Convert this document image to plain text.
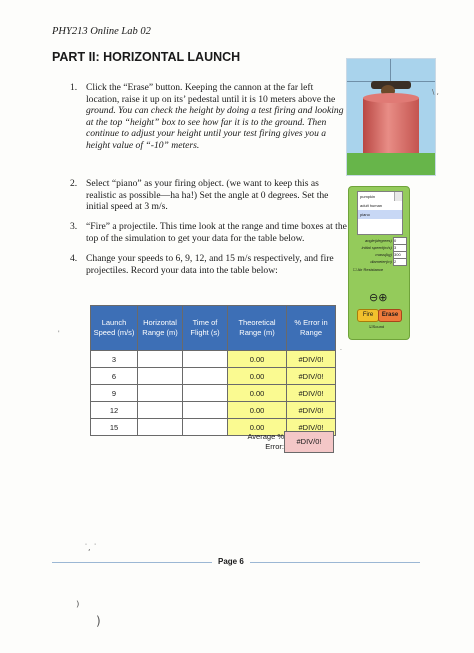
PHY213 Online Lab 02
PART II: HORIZONTAL LAUNCH
1. Click the “Erase” button. Keeping the cannon at the far left
location, raise it up on its’ pedestal until it is 10 meters above the
ground. You can check the height by doing a test firing and looking
at the top “height” box to see how far it is to the ground. Then
continue to adjust your height until your test firing gives you a
height value of “-10” meters.
2. Select “piano” as your firing object. (we want to keep this as
realistic as possible—ha ha!) Set the angle at 0 degrees. Set the
initial speed at 3 m/s.
3. “Fire” a projectile. This time look at the range and time boxes at the
top of the simulation to get your data for the table below.
4. Change your speeds to 6, 9, 12, and 15 m/s respectively, and fire
projectiles. Record your data into the table below:
\ ,
pumpkin
adult human
piano
angle(degrees) 0
initial speed(m/s) 3
mass(kg) 300
diameter(m) 2
☐ Air Resistance
⊖⊕
Fire	Erase
☑Sound
.
'
Launch Speed (m/s)	Horizontal Range (m)	Time of Flight (s)	Theoretical Range (m)	% Error in Range
3			0.00	#DIV/0!
6			0.00	#DIV/0!
9			0.00	#DIV/0!
12			0.00	#DIV/0!
15			0.00	#DIV/0!
Average %
Error:
#DIV/0!
Page 6
˙, ˙
⁾
)
